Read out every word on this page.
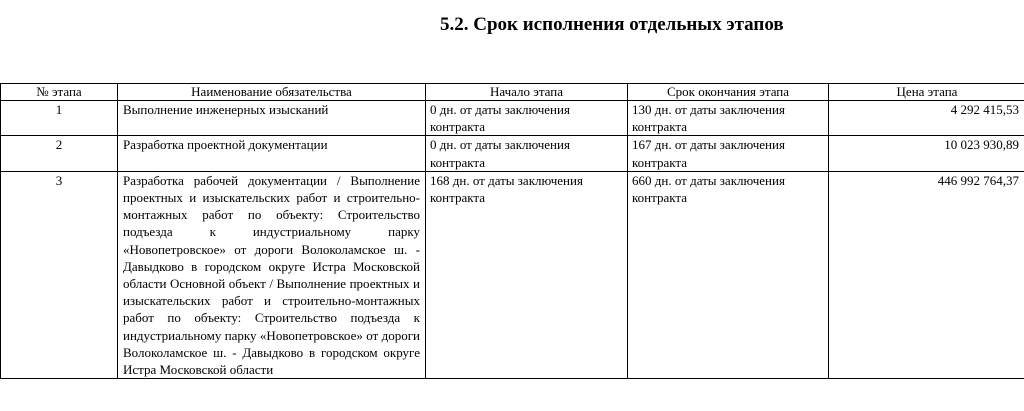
5.2. Срок исполнения отдельных этапов
№ этапа	Наименование обязательства	Начало этапа	Срок окончания этапа	Цена этапа
1	Выполнение инженерных изысканий	0 дн. от даты заключения контракта	130 дн. от даты заключения контракта	4 292 415,53
2	Разработка проектной документации	0 дн. от даты заключения контракта	167 дн. от даты заключения контракта	10 023 930,89
3	Разработка рабочей документации / Выполнение проектных и изыскательских работ и строительно-монтажных работ по объекту: Строительство подъезда к индустриальному парку «Новопетровское» от дороги Волоколамское ш. - Давыдково в городском округе Истра Московской области Основной объект / Выполнение проектных и изыскательских работ и строительно-монтажных работ по объекту: Строительство подъезда к индустриальному парку «Новопетровское» от дороги Волоколамское ш. - Давыдково в городском округе Истра Московской области	168 дн. от даты заключения контракта	660 дн. от даты заключения контракта	446 992 764,37
